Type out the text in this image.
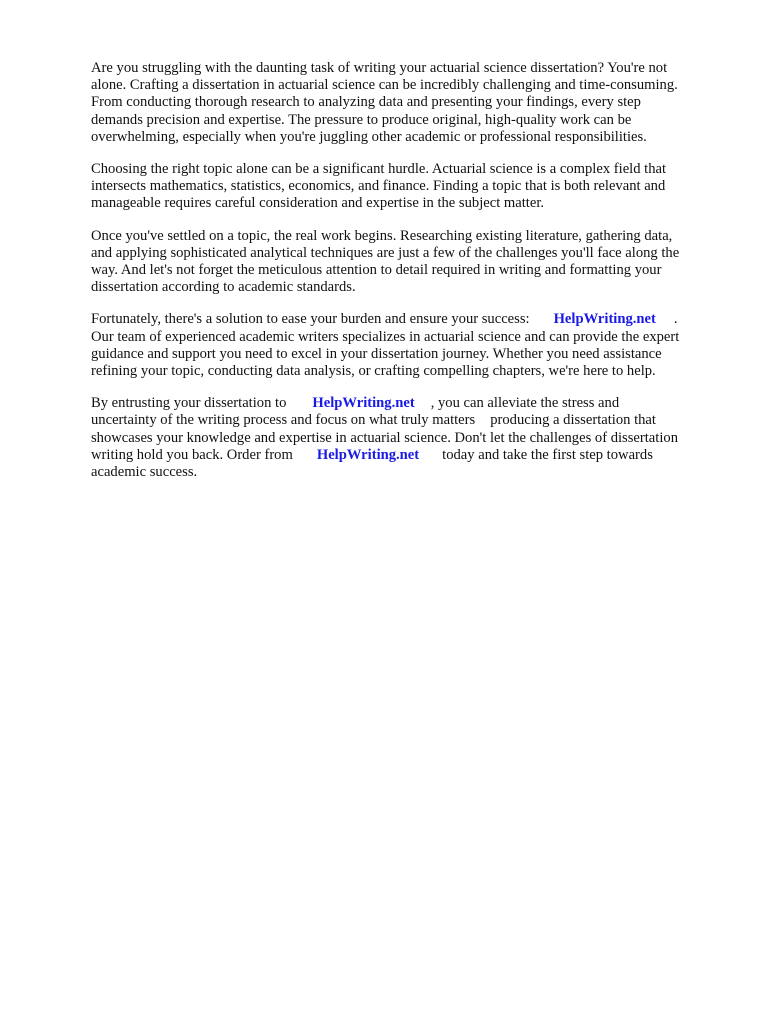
Are you struggling with the daunting task of writing your actuarial science dissertation? You're not

alone. Crafting a dissertation in actuarial science can be incredibly challenging and time-consuming.

From conducting thorough research to analyzing data and presenting your findings, every step

demands precision and expertise. The pressure to produce original, high-quality work can be

overwhelming, especially when you're juggling other academic or professional responsibilities.

Choosing the right topic alone can be a significant hurdle. Actuarial science is a complex field that

intersects mathematics, statistics, economics, and finance. Finding a topic that is both relevant and

manageable requires careful consideration and expertise in the subject matter.

Once you've settled on a topic, the real work begins. Researching existing literature, gathering data,

and applying sophisticated analytical techniques are just a few of the challenges you'll face along the

way. And let's not forget the meticulous attention to detail required in writing and formatting your

dissertation according to academic standards.

Fortunately, there's a solution to ease your burden and ensure your success: HelpWriting.net .

Our team of experienced academic writers specializes in actuarial science and can provide the expert

guidance and support you need to excel in your dissertation journey. Whether you need assistance

refining your topic, conducting data analysis, or crafting compelling chapters, we're here to help.

By entrusting your dissertation to HelpWriting.net , you can alleviate the stress and

uncertainty of the writing process and focus on what truly matters producing a dissertation that

showcases your knowledge and expertise in actuarial science. Don't let the challenges of dissertation

writing hold you back. Order from HelpWriting.net today and take the first step towards

academic success.
